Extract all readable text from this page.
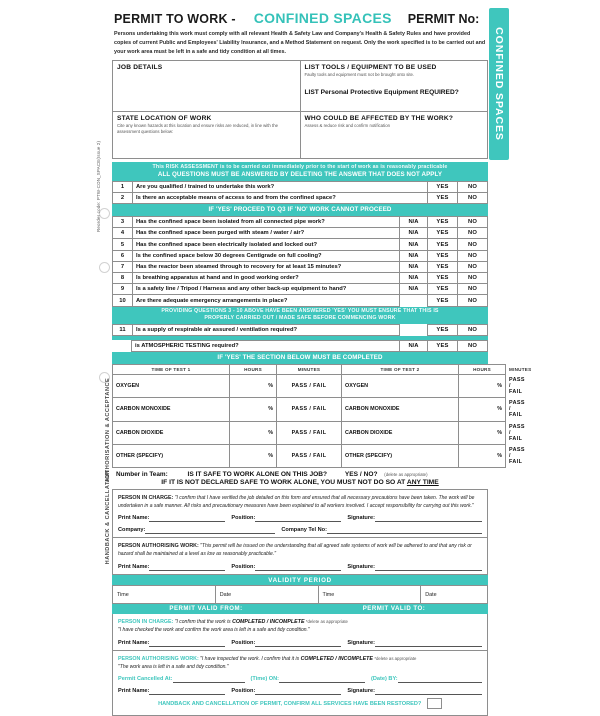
Reorder code: PTW-CON_SPACE(Issue 2)
AUTHORISATION & ACCEPTANCE
HANDBACK & CANCELLATION
CONFINED SPACES
PERMIT TO WORK - CONFINED SPACES PERMIT No:
Persons undertaking this work must comply with all relevant Health & Safety Law and Company's Health & Safety Rules and have provided copies of current Public and Employees' Liability Insurance, and a Method Statement on request. Only the work specified is to be carried out and your work area must be left in a safe and tidy condition at all times.
JOB DETAILS	LIST TOOLS / EQUIPMENT TO BE USED
Faulty tools and equipment must not be brought onto site.
LIST Personal Protective Equipment REQUIRED?

STATE LOCATION OF WORK
Cite any known hazards at this location and ensure risks are reduced, in line with the assessment questions below:

WHO COULD BE AFFECTED BY THE WORK?
Assess & reduce risk and confirm notification
This RISK ASSESSMENT is to be carried out immediately prior to the start of work as is reasonably practicable
ALL QUESTIONS MUST BE ANSWERED BY DELETING THE ANSWER THAT DOES NOT APPLY
1	Are you qualified / trained to undertake this work?	YES	NO
2	Is there an acceptable means of access to and from the confined space?	YES	NO
IF 'YES' PROCEED TO Q3 IF 'NO' WORK CANNOT PROCEED
3	Has the confined space been isolated from all connected pipe work?	N/A	YES	NO
4	Has the confined space been purged with steam / water / air?	N/A	YES	NO
5	Has the confined space been electrically isolated and locked out?	N/A	YES	NO
6	Is the confined space below 30 degrees Centigrade on full cooling?	N/A	YES	NO
7	Has the reactor been steamed through to recovery for at least 15 minutes?	N/A	YES	NO
8	Is breathing apparatus at hand and in good working order?	N/A	YES	NO
9	Is a safety line / Tripod / Harness and any other back-up equipment to hand?	N/A	YES	NO
10	Are there adequate emergency arrangements in place?		YES	NO
PROVIDING QUESTIONS 3 - 10 ABOVE HAVE BEEN ANSWERED 'YES' YOU MUST ENSURE THAT THIS IS
PROPERLY CARRIED OUT / MADE SAFE BEFORE COMMENCING WORK
11	Is a supply of respirable air assured / ventilation required?		YES	NO
	is ATMOSPHERIC TESTING required?	N/A	YES	NO
IF 'YES' THE SECTION BELOW MUST BE COMPLETED
TIME OF TEST 1	HOURS	MINUTES	TIME OF TEST 2	HOURS	MINUTES
OXYGEN	%	PASS / FAIL	OXYGEN	%	PASS / FAIL
CARBON MONOXIDE	%	PASS / FAIL	CARBON MONOXIDE	%	PASS / FAIL
CARBON DIOXIDE	%	PASS / FAIL	CARBON DIOXIDE	%	PASS / FAIL
OTHER (SPECIFY)	%	PASS / FAIL	OTHER (SPECIFY)	%	PASS / FAIL
Number in Team:	IS IT SAFE TO WORK ALONE ON THIS JOB?	YES / NO? (delete as appropriate)
IF IT IS NOT DECLARED SAFE TO WORK ALONE, YOU MUST NOT DO SO AT ANY TIME
PERSON IN CHARGE: "I confirm that I have verified the job detailed on this form and ensured that all necessary precautions have been taken. The work will be undertaken in a safe manner. All risks and precautionary measures have been explained to all workers involved. I accept responsibility for carrying out this work."
Print Name:	Position:	Signature:
Company:	Company Tel No:
PERSON AUTHORISING WORK: "This permit will be issued on the understanding that all agreed safe systems of work will be adhered to and that any risk or hazard shall be maintained at a level as low as reasonably practicable."
Print Name:	Position:	Signature:
VALIDITY PERIOD
Time	Date	Time	Date
PERMIT VALID FROM:	PERMIT VALID TO:
PERSON IN CHARGE: "I confirm that the work is COMPLETED / INCOMPLETE *delete as appropriate
"I have checked the work and confirm the work area is left in a safe and tidy condition."
Print Name:	Position:	Signature:
PERSON AUTHORISING WORK: "I have inspected the work. I confirm that it is COMPLETED / INCOMPLETE *delete as appropriate
"The work area is left in a safe and tidy condition."
Permit Cancelled At:	(Time) ON:	(Date) BY:
Print Name:	Position:	Signature:
HANDBACK AND CANCELLATION OF PERMIT, CONFIRM ALL SERVICES HAVE BEEN RESTORED?
